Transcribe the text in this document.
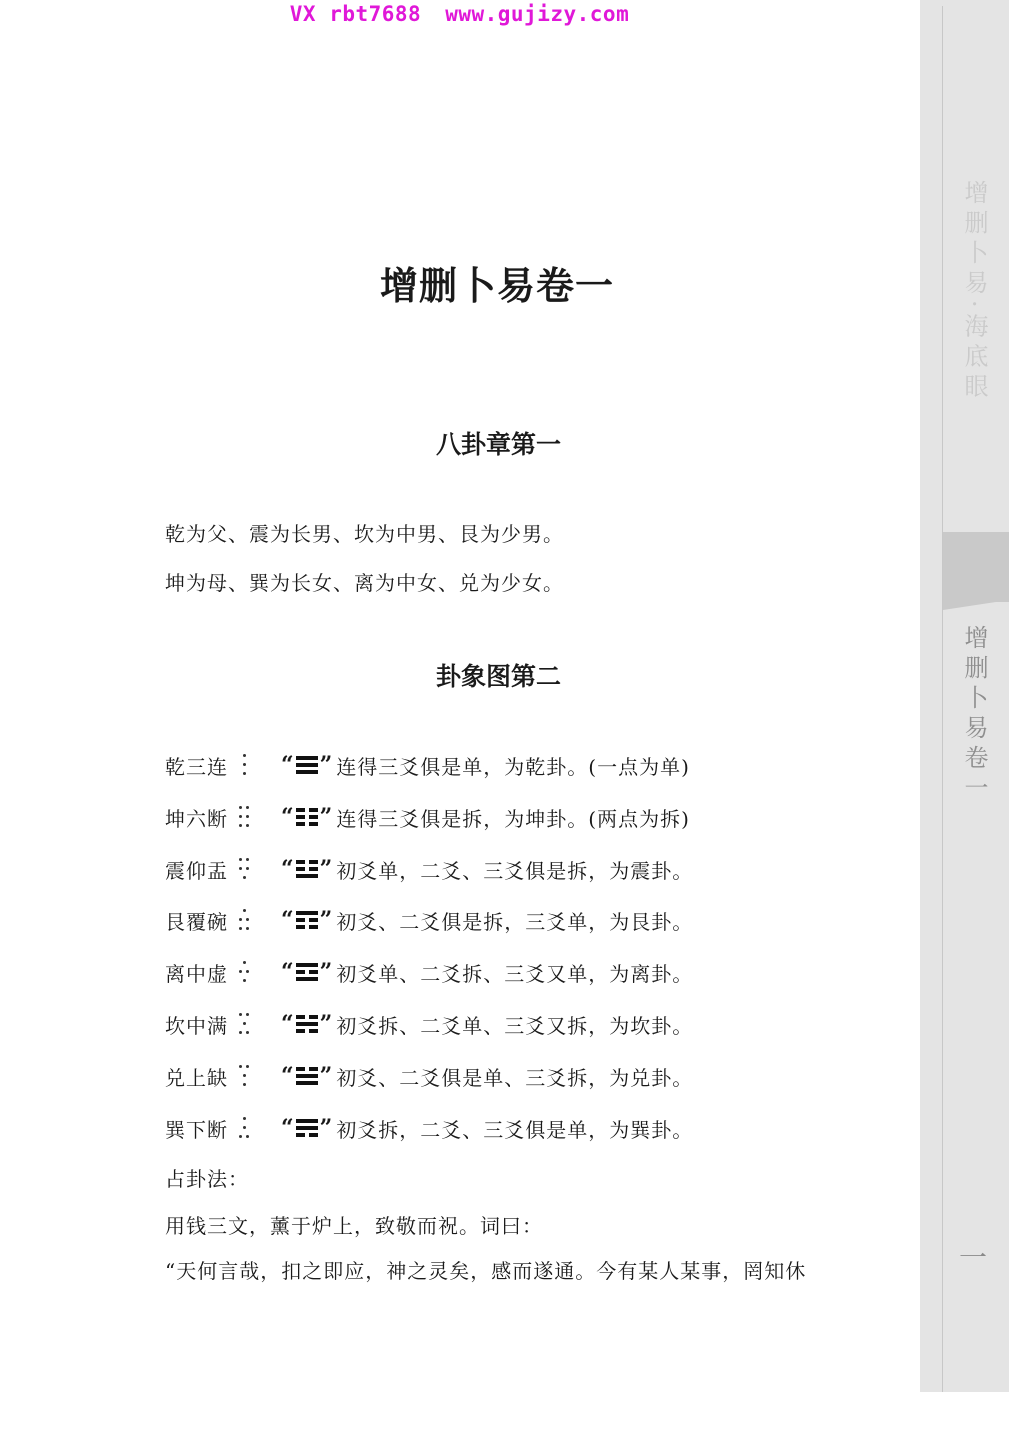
VX rbt7688 www.gujizy.com
增删卜易·海底眼
增删卜易卷一
一
增删卜易卷一
八卦章第一
乾为父、震为长男、坎为中男、艮为少男。
坤为母、巽为长女、离为中女、兑为少女。
卦象图第二
乾三连	“ ” 连得三爻俱是单，为乾卦。(一点为单)
坤六断	“ ” 连得三爻俱是拆，为坤卦。(两点为拆)
震仰盂	“ ” 初爻单，二爻、三爻俱是拆，为震卦。
艮覆碗	“ ” 初爻、二爻俱是拆，三爻单，为艮卦。
离中虚	“ ” 初爻单、二爻拆、三爻又单，为离卦。
坎中满	“ ” 初爻拆、二爻单、三爻又拆，为坎卦。
兑上缺	“ ” 初爻、二爻俱是单、三爻拆，为兑卦。
巽下断	“ ” 初爻拆，二爻、三爻俱是单，为巽卦。
占卦法：
用钱三文，薰于炉上，致敬而祝。词曰：
“天何言哉，扣之即应，神之灵矣，感而遂通。今有某人某事，罔知休
